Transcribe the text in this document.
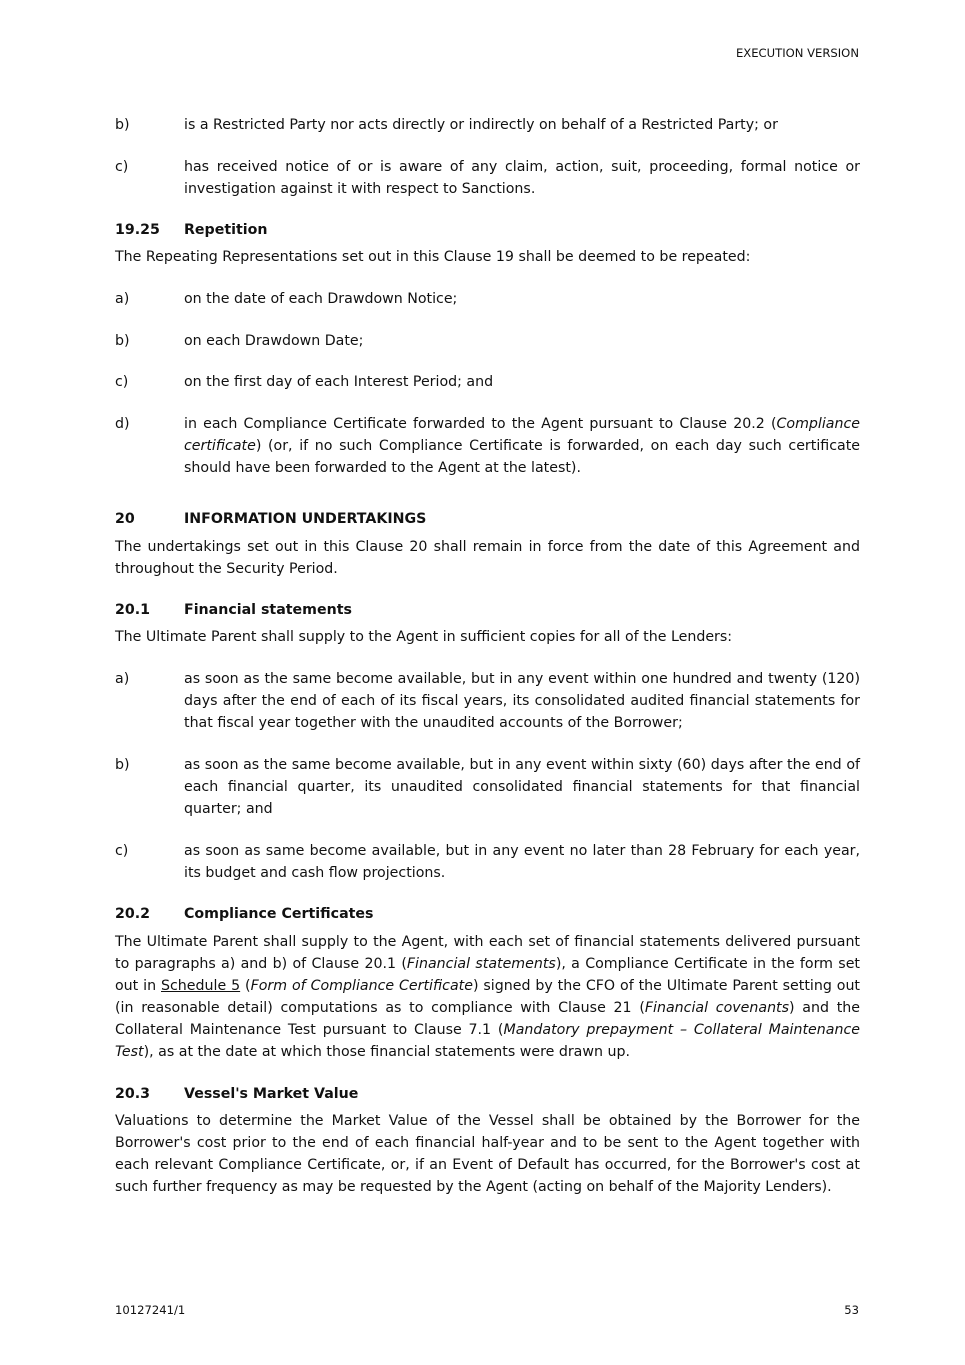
EXECUTION VERSION
b)	is a Restricted Party nor acts directly or indirectly on behalf of a Restricted Party; or
c)	has received notice of or is aware of any claim, action, suit, proceeding, formal notice or investigation against it with respect to Sanctions.
19.25 Repetition
The Repeating Representations set out in this Clause 19 shall be deemed to be repeated:
a)	on the date of each Drawdown Notice;
b)	on each Drawdown Date;
c)	on the first day of each Interest Period; and
d)	in each Compliance Certificate forwarded to the Agent pursuant to Clause 20.2 (Compliance certificate) (or, if no such Compliance Certificate is forwarded, on each day such certificate should have been forwarded to the Agent at the latest).
20	INFORMATION UNDERTAKINGS
The undertakings set out in this Clause 20 shall remain in force from the date of this Agreement and throughout the Security Period.
20.1 Financial statements
The Ultimate Parent shall supply to the Agent in sufficient copies for all of the Lenders:
a)	as soon as the same become available, but in any event within one hundred and twenty (120) days after the end of each of its fiscal years, its consolidated audited financial statements for that fiscal year together with the unaudited accounts of the Borrower;
b)	as soon as the same become available, but in any event within sixty (60) days after the end of each financial quarter, its unaudited consolidated financial statements for that financial quarter; and
c)	as soon as same become available, but in any event no later than 28 February for each year, its budget and cash flow projections.
20.2 Compliance Certificates
The Ultimate Parent shall supply to the Agent, with each set of financial statements delivered pursuant to paragraphs a) and b) of Clause 20.1 (Financial statements), a Compliance Certificate in the form set out in Schedule 5 (Form of Compliance Certificate) signed by the CFO of the Ultimate Parent setting out (in reasonable detail) computations as to compliance with Clause 21 (Financial covenants) and the Collateral Maintenance Test pursuant to Clause 7.1 (Mandatory prepayment – Collateral Maintenance Test), as at the date at which those financial statements were drawn up.
20.3 Vessel's Market Value
Valuations to determine the Market Value of the Vessel shall be obtained by the Borrower for the Borrower's cost prior to the end of each financial half-year and to be sent to the Agent together with each relevant Compliance Certificate, or, if an Event of Default has occurred, for the Borrower's cost at such further frequency as may be requested by the Agent (acting on behalf of the Majority Lenders).
10127241/1	53
